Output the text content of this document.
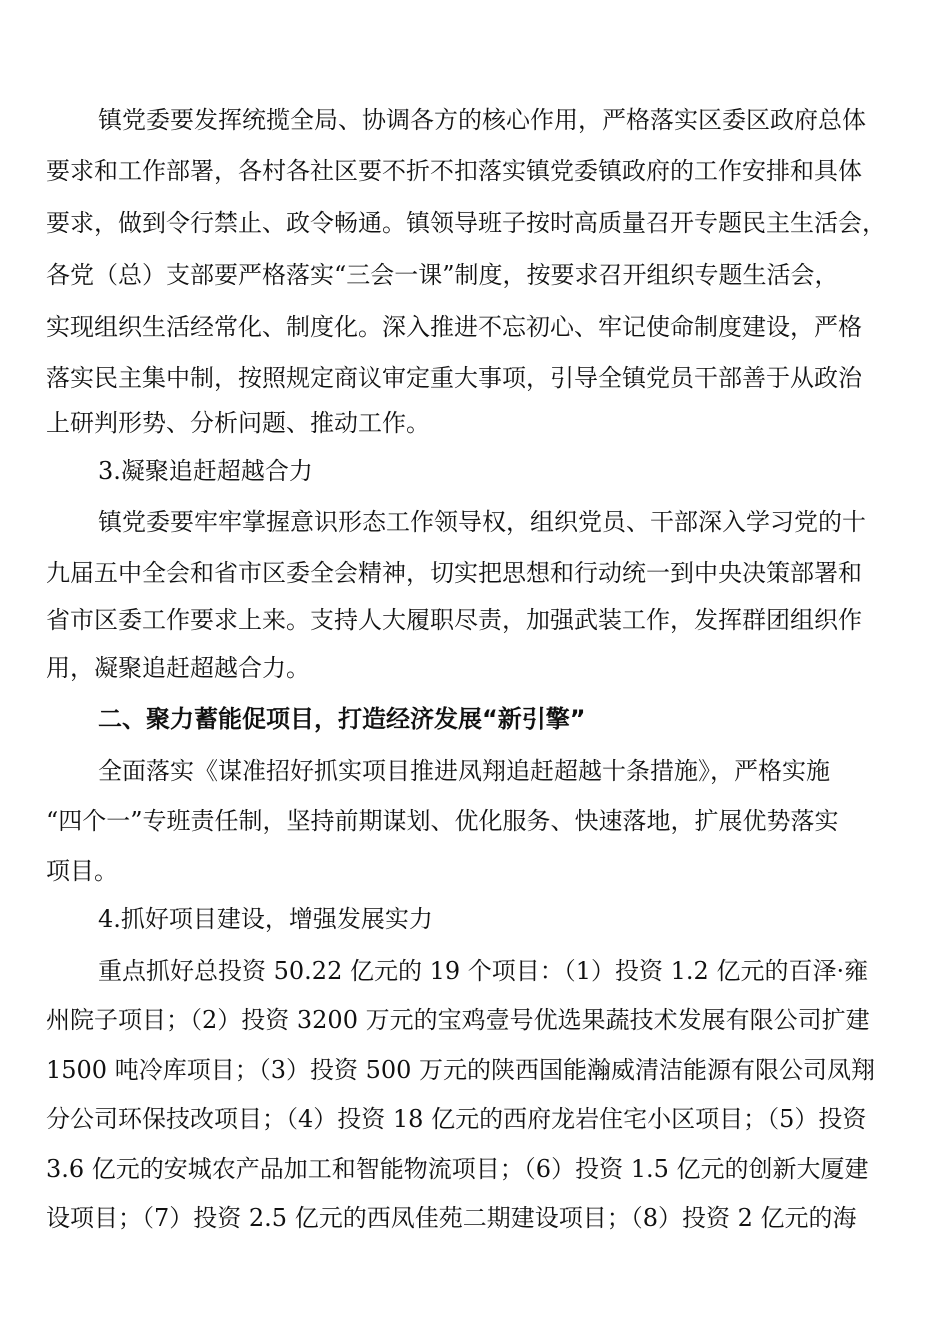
镇党委要发挥统揽全局、协调各方的核心作用，严格落实区委区政府总体

要求和工作部署，各村各社区要不折不扣落实镇党委镇政府的工作安排和具体

要求，做到令行禁止、政令畅通。镇领导班子按时高质量召开专题民主生活会，

各党（总）支部要严格落实“三会一课”制度，按要求召开组织专题生活会，

实现组织生活经常化、制度化。深入推进不忘初心、牢记使命制度建设，严格

落实民主集中制，按照规定商议审定重大事项，引导全镇党员干部善于从政治

上研判形势、分析问题、推动工作。

3.凝聚追赶超越合力

镇党委要牢牢掌握意识形态工作领导权，组织党员、干部深入学习党的十

九届五中全会和省市区委全会精神，切实把思想和行动统一到中央决策部署和

省市区委工作要求上来。支持人大履职尽责，加强武装工作，发挥群团组织作

用，凝聚追赶超越合力。

二、聚力蓄能促项目，打造经济发展“新引擎”

全面落实《谋准招好抓实项目推进凤翔追赶超越十条措施》，严格实施

“四个一”专班责任制，坚持前期谋划、优化服务、快速落地，扩展优势落实

项目。

4.抓好项目建设，增强发展实力

重点抓好总投资 50.22 亿元的 19 个项目：（1）投资 1.2 亿元的百泽·雍

州院子项目；（2）投资 3200 万元的宝鸡壹号优选果蔬技术发展有限公司扩建

1500 吨冷库项目；（3）投资 500 万元的陕西国能瀚威清洁能源有限公司凤翔

分公司环保技改项目；（4）投资 18 亿元的西府龙岩住宅小区项目；（5）投资

3.6 亿元的安城农产品加工和智能物流项目；（6）投资 1.5 亿元的创新大厦建

设项目；（7）投资 2.5 亿元的西凤佳苑二期建设项目；（8）投资 2 亿元的海
